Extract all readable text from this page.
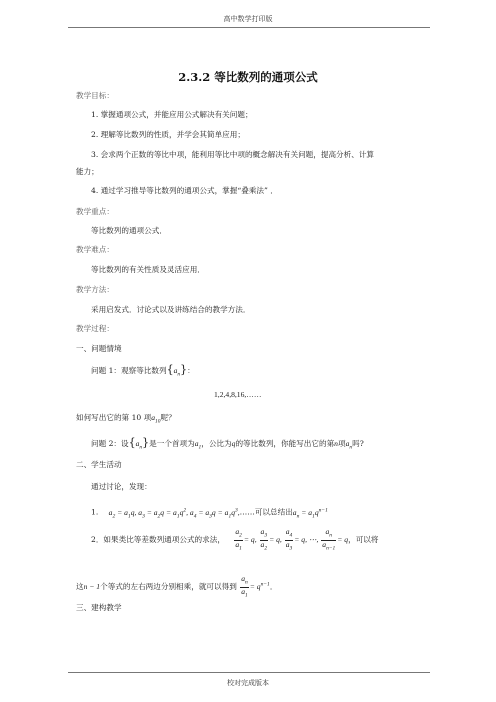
高中数学打印版
2.3.2 等比数列的通项公式
教学目标：
1. 掌握通项公式，并能应用公式解决有关问题；
2. 理解等比数列的性质，并学会其简单应用；
3. 会求两个正数的等比中项，能利用等比中项的概念解决有关问题，提高分析、计算
能力；
4. 通过学习推导等比数列的通项公式，掌握“叠乘法” ．
教学重点：
等比数列的通项公式．
教学难点：
等比数列的有关性质及灵活应用．
教学方法：
采用启发式．讨论式以及讲练结合的教学方法．
教学过程：
一、问题情境
问题 1：观察等比数列$\{a_n\}$：
1,2,4,8,16,……
如何写出它的第 10 项$a_{10}$呢？
问题 2：设$\{a_n\}$是一个首项为$a_1$，公比为q的等比数列，你能写出它的第n项$a_n$吗?
二、学生活动
通过讨论，发现：
1. $a_2 = a_1q$, $a_3 = a_2q = a_1q^2$, $a_4 = a_3q$ = $a_1q^3,\dots\dots$可以总结出$a_n = a_1q^{n-1}$
2．如果类比等差数列通项公式的求法， $\frac{a_2}{a_1} = q$, $\frac{a_3}{a_2} = q$, $\frac{a_4}{a_3} = q$, ⋯, $\frac{a_n}{a_{n-1}} = q$，可以将
这n − 1个等式的左右两边分别相乘，就可以得到 $\frac{a_n}{a_1} = q^{n-1}$．
三、建构教学
校对完成版本
